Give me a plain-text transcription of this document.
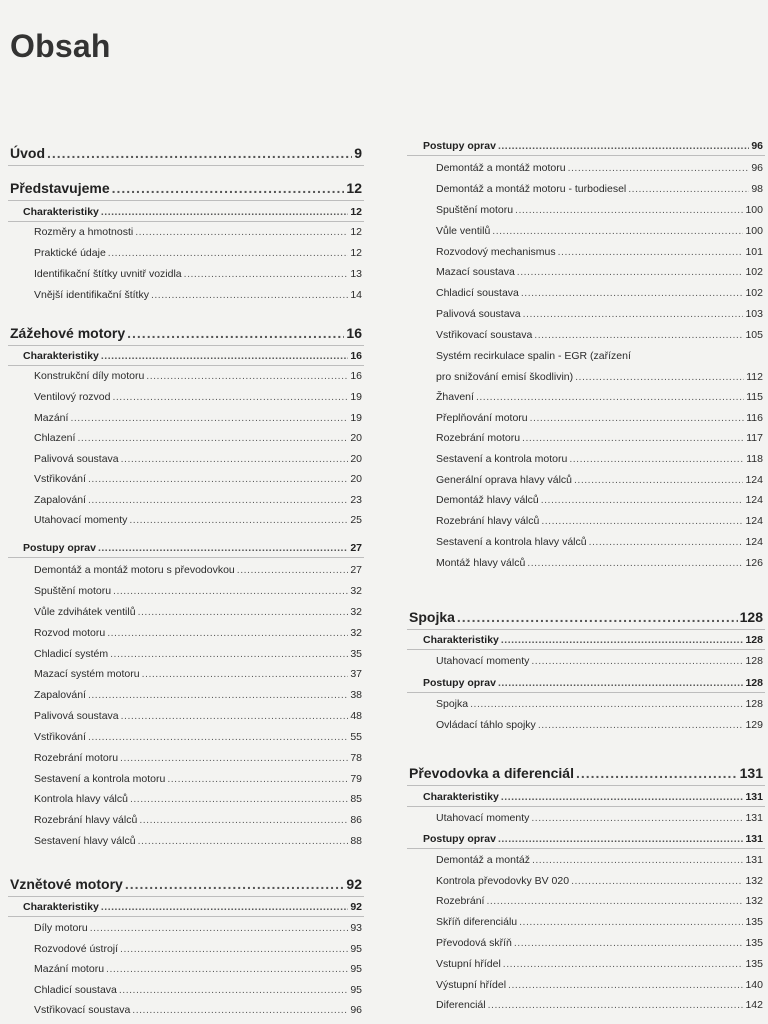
Obsah
Úvod .....	9
Představujeme .....	12
Charakteristiky .....	12
Rozměry a hmotnosti .....	12
Praktické údaje .....	12
Identifikační štítky uvnitř vozidla .....	13
Vnější identifikační štítky .....	14
Zážehové motory .....	16
Charakteristiky .....	16
Konstrukční díly motoru .....	16
Ventilový rozvod .....	19
Mazání .....	19
Chlazení .....	20
Palivová soustava .....	20
Vstřikování .....	20
Zapalování .....	23
Utahovací momenty .....	25
Postupy oprav .....	27
Demontáž a montáž motoru s převodovkou .....	27
Spuštění motoru .....	32
Vůle zdvihátek ventilů .....	32
Rozvod motoru .....	32
Chladicí systém .....	35
Mazací systém motoru .....	37
Zapalování .....	38
Palivová soustava .....	48
Vstřikování .....	55
Rozebrání motoru .....	78
Sestavení a kontrola motoru .....	79
Kontrola hlavy válců .....	85
Rozebrání hlavy válců .....	86
Sestavení hlavy válců .....	88
Vznětové motory .....	92
Charakteristiky .....	92
Díly motoru .....	93
Rozvodové ústrojí .....	95
Mazání motoru .....	95
Chladicí soustava .....	95
Vstřikovací soustava .....	96
Postupy oprav .....	96
Demontáž a montáž motoru .....	96
Demontáž a montáž motoru - turbodiesel .....	98
Spuštění motoru .....	100
Vůle ventilů .....	100
Rozvodový mechanismus .....	101
Mazací soustava .....	102
Chladicí soustava .....	102
Palivová soustava .....	103
Vstřikovací soustava .....	105
Systém recirkulace spalin - EGR (zařízení
pro snižování emisí škodlivin) .....	112
Žhavení .....	115
Přeplňování motoru .....	116
Rozebrání motoru .....	117
Sestavení a kontrola motoru .....	118
Generální oprava hlavy válců .....	124
Demontáž hlavy válců .....	124
Rozebrání hlavy válců .....	124
Sestavení a kontrola hlavy válců .....	124
Montáž hlavy válců .....	126
Spojka .....	128
Charakteristiky .....	128
Utahovací momenty .....	128
Postupy oprav .....	128
Spojka .....	128
Ovládací táhlo spojky .....	129
Převodovka a diferenciál .....	131
Charakteristiky .....	131
Utahovací momenty .....	131
Postupy oprav .....	131
Demontáž a montáž .....	131
Kontrola převodovky BV 020 .....	132
Rozebrání .....	132
Skříň diferenciálu .....	135
Převodová skříň .....	135
Vstupní hřídel .....	135
Výstupní hřídel .....	140
Diferenciál .....	142
